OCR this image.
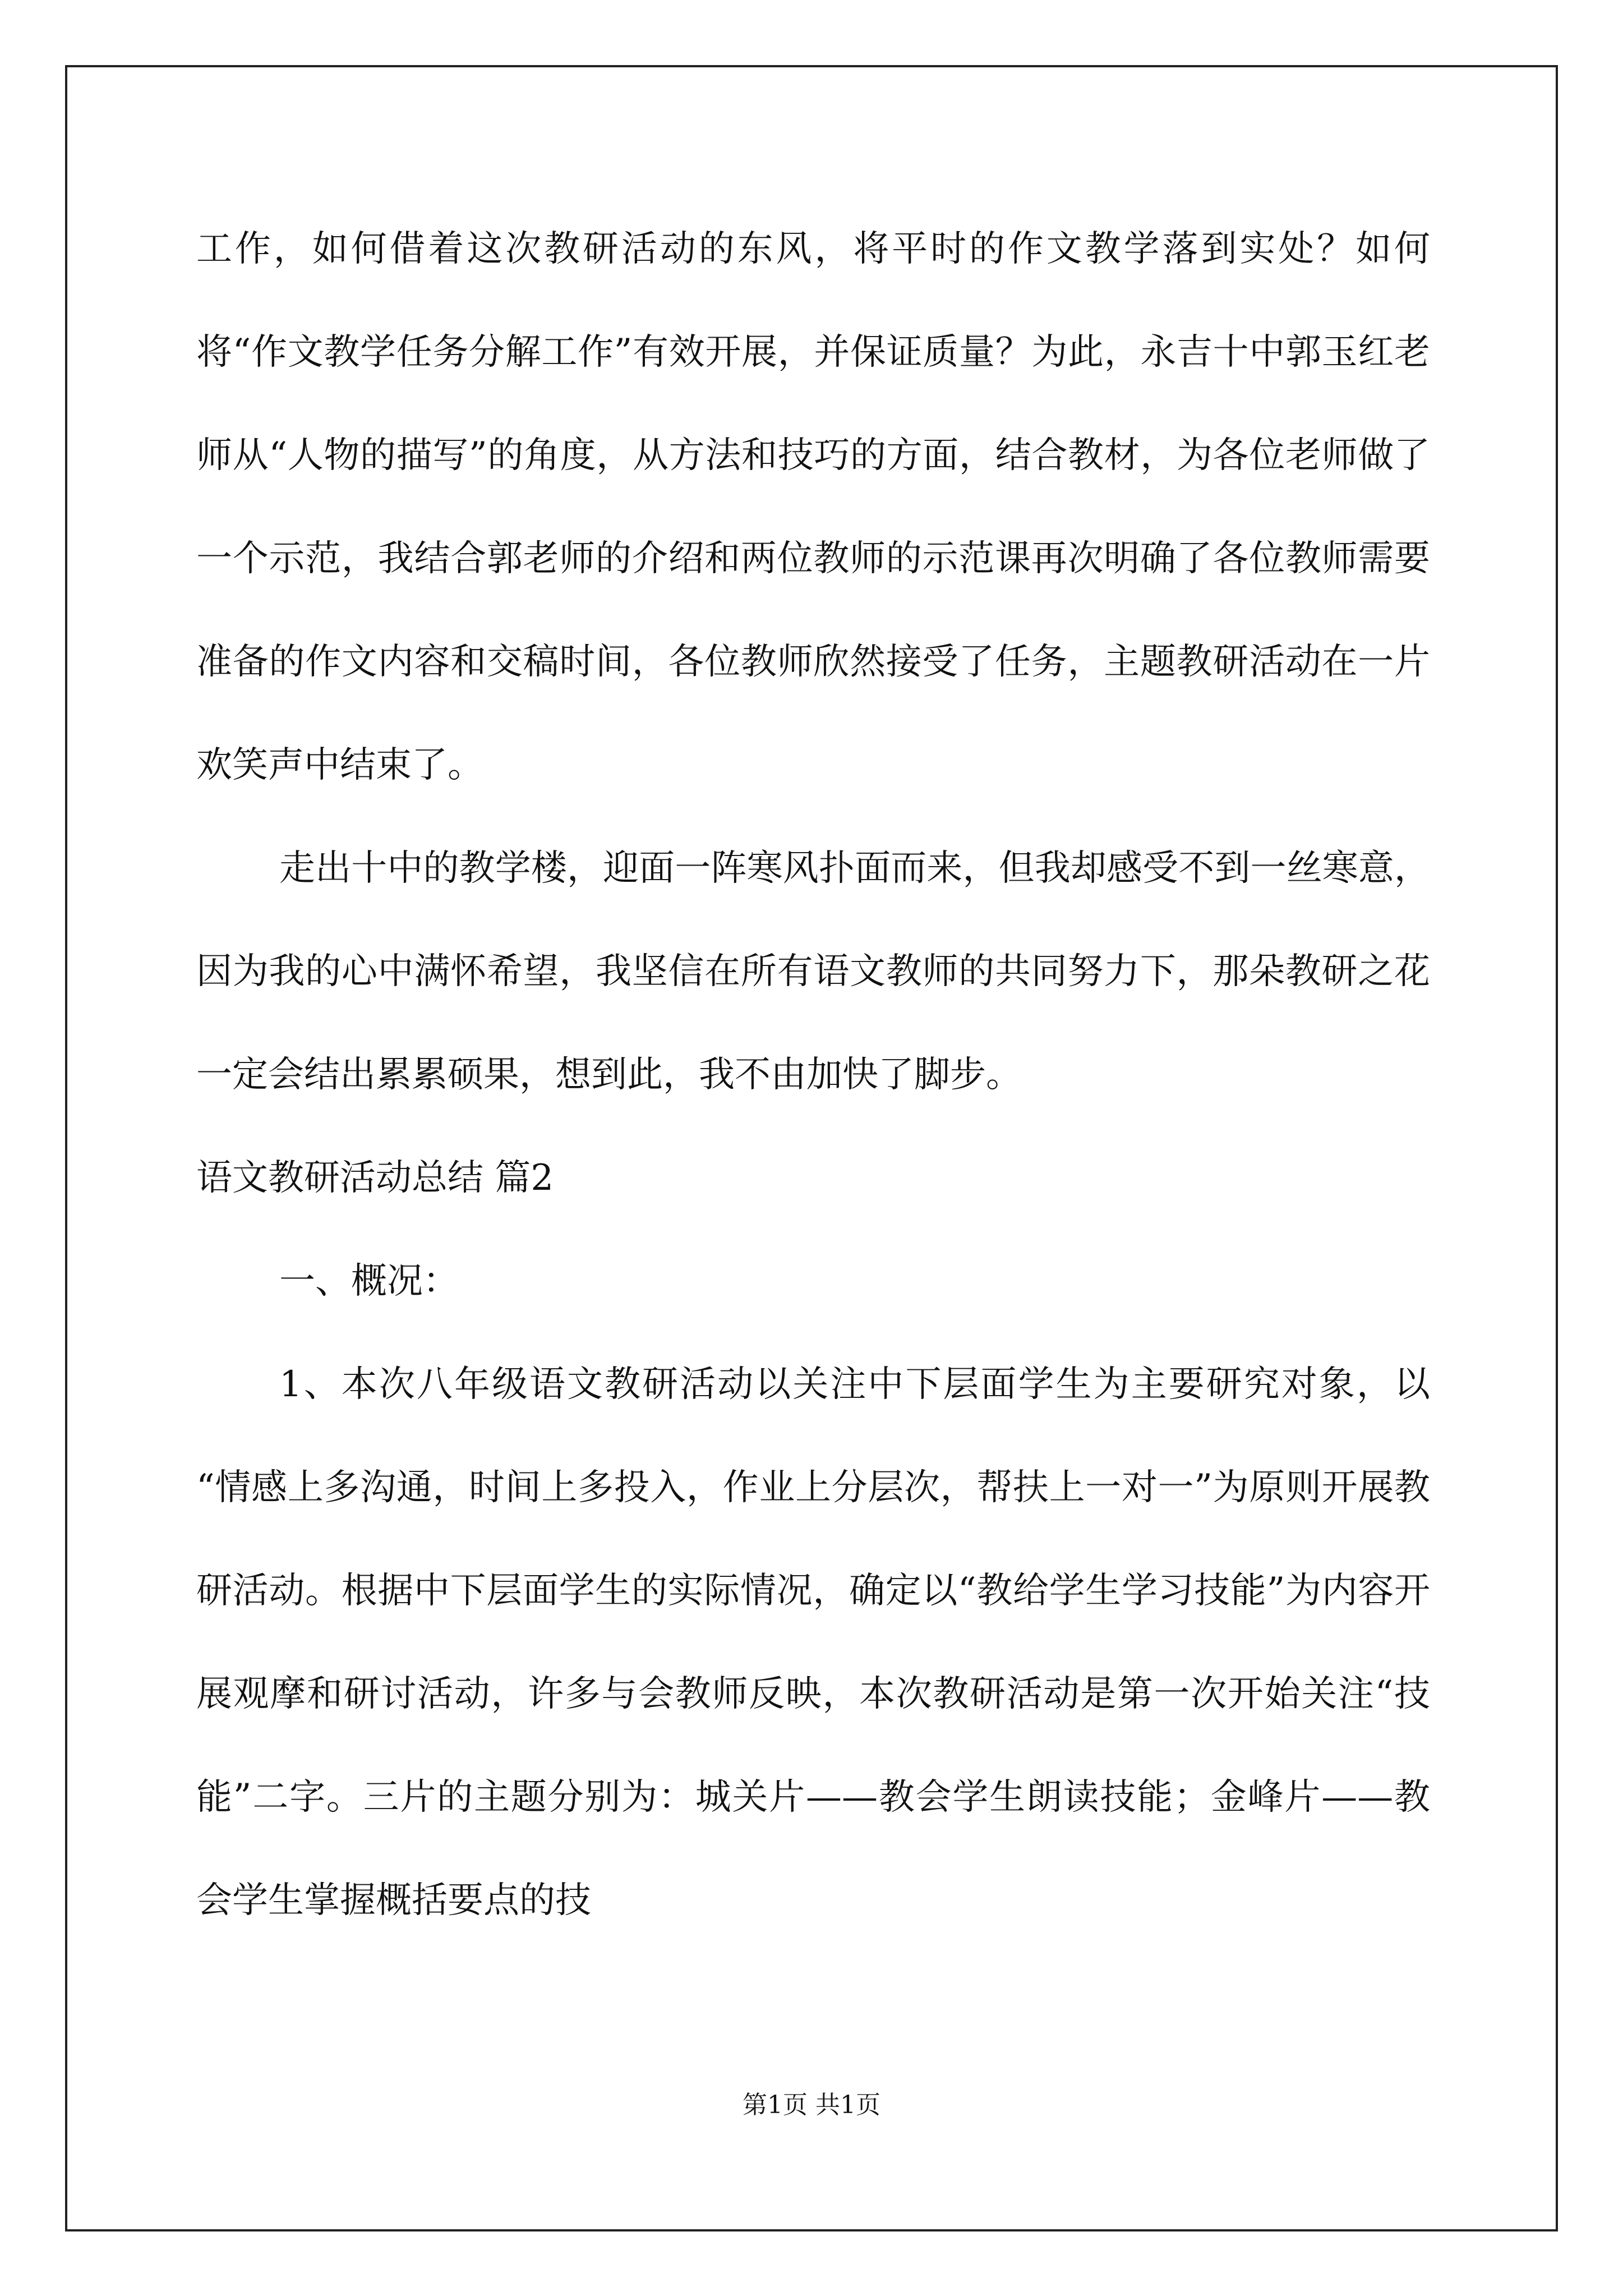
工作，如何借着这次教研活动的东风，将平时的作文教学落到实处？如何将“作文教学任务分解工作”有效开展，并保证质量？为此，永吉十中郭玉红老师从“人物的描写”的角度，从方法和技巧的方面，结合教材，为各位老师做了一个示范，我结合郭老师的介绍和两位教师的示范课再次明确了各位教师需要准备的作文内容和交稿时间，各位教师欣然接受了任务，主题教研活动在一片欢笑声中结束了。

走出十中的教学楼，迎面一阵寒风扑面而来，但我却感受不到一丝寒意，因为我的心中满怀希望，我坚信在所有语文教师的共同努力下，那朵教研之花一定会结出累累硕果，想到此，我不由加快了脚步。

语文教研活动总结 篇2

一、概况：

1、本次八年级语文教研活动以关注中下层面学生为主要研究对象，以 “情感上多沟通，时间上多投入，作业上分层次，帮扶上一对一”为原则开展教研活动。根据中下层面学生的实际情况，确定以“教给学生学习技能”为内容开展观摩和研讨活动，许多与会教师反映，本次教研活动是第一次开始关注“技能”二字。三片的主题分别为：城关片——教会学生朗读技能；金峰片——教会学生掌握概括要点的技

第1页 共1页
